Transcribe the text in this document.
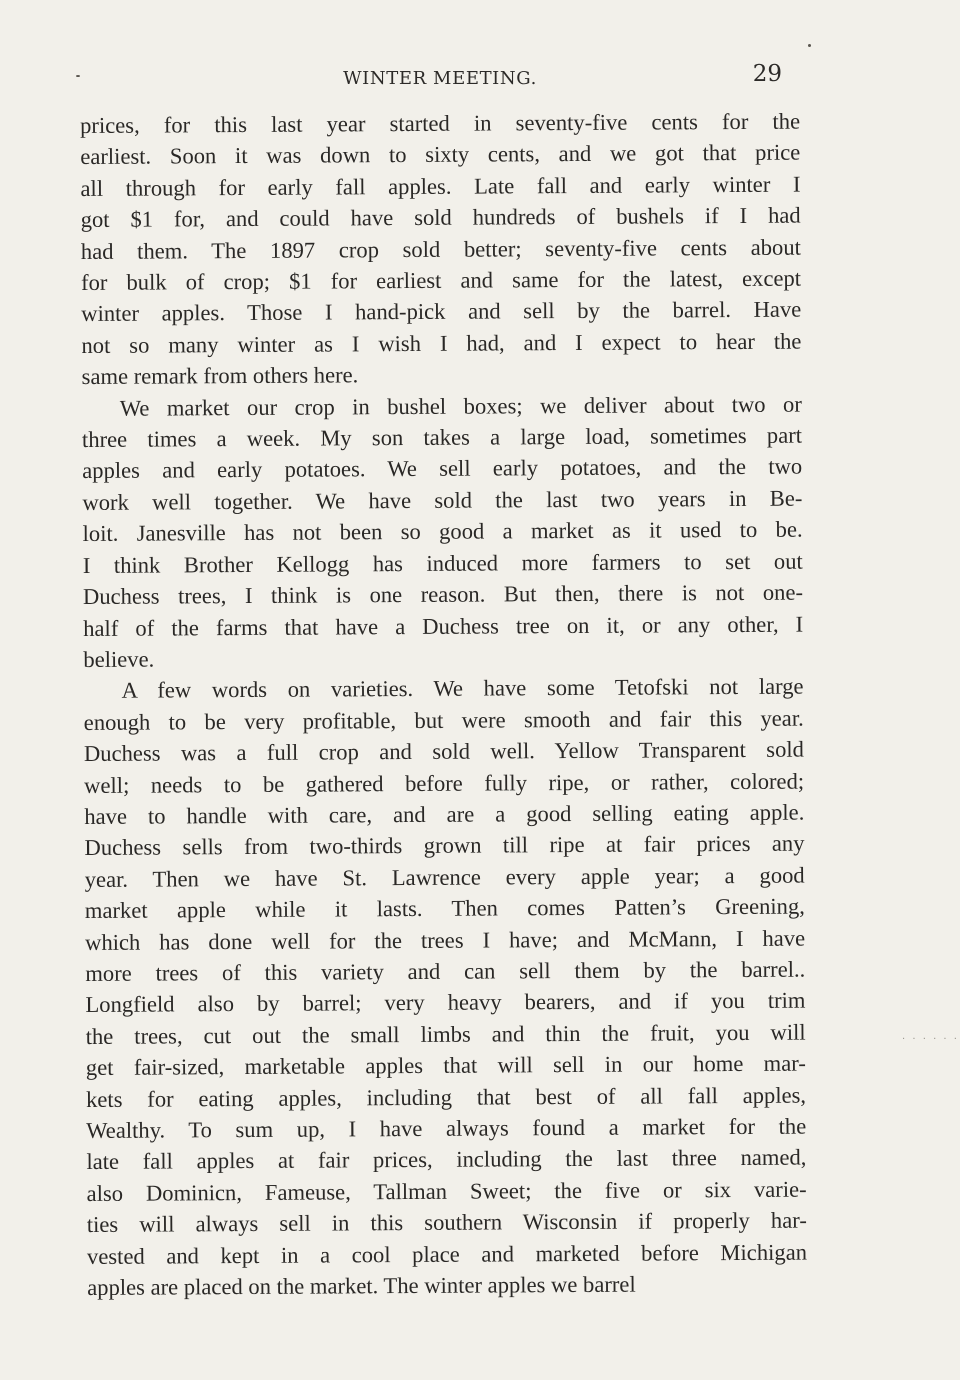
WINTER MEETING.	29
prices, for this last year started in seventy-five cents for the
earliest. Soon it was down to sixty cents, and we got that price
all through for early fall apples. Late fall and early winter I
got $1 for, and could have sold hundreds of bushels if I had
had them. The 1897 crop sold better; seventy-five cents about
for bulk of crop; $1 for earliest and same for the latest, except
winter apples. Those I hand-pick and sell by the barrel. Have
not so many winter as I wish I had, and I expect to hear the
same remark from others here.
We market our crop in bushel boxes; we deliver about two or
three times a week. My son takes a large load, sometimes part
apples and early potatoes. We sell early potatoes, and the two
work well together. We have sold the last two years in Be-
loit. Janesville has not been so good a market as it used to be.
I think Brother Kellogg has induced more farmers to set out
Duchess trees, I think is one reason. But then, there is not one-
half of the farms that have a Duchess tree on it, or any other, I
believe.
A few words on varieties. We have some Tetofski not large
enough to be very profitable, but were smooth and fair this year.
Duchess was a full crop and sold well. Yellow Transparent sold
well; needs to be gathered before fully ripe, or rather, colored;
have to handle with care, and are a good selling eating apple.
Duchess sells from two-thirds grown till ripe at fair prices any
year. Then we have St. Lawrence every apple year; a good
market apple while it lasts. Then comes Patten’s Greening,
which has done well for the trees I have; and McMann, I have
more trees of this variety and can sell them by the barrel..
Longfield also by barrel; very heavy bearers, and if you trim
the trees, cut out the small limbs and thin the fruit, you will
get fair-sized, marketable apples that will sell in our home mar-
kets for eating apples, including that best of all fall apples,
Wealthy. To sum up, I have always found a market for the
late fall apples at fair prices, including the last three named,
also Dominicn, Fameuse, Tallman Sweet; the five or six varie-
ties will always sell in this southern Wisconsin if properly har-
vested and kept in a cool place and marketed before Michigan
apples are placed on the market. The winter apples we barrel
· · · · · ·
